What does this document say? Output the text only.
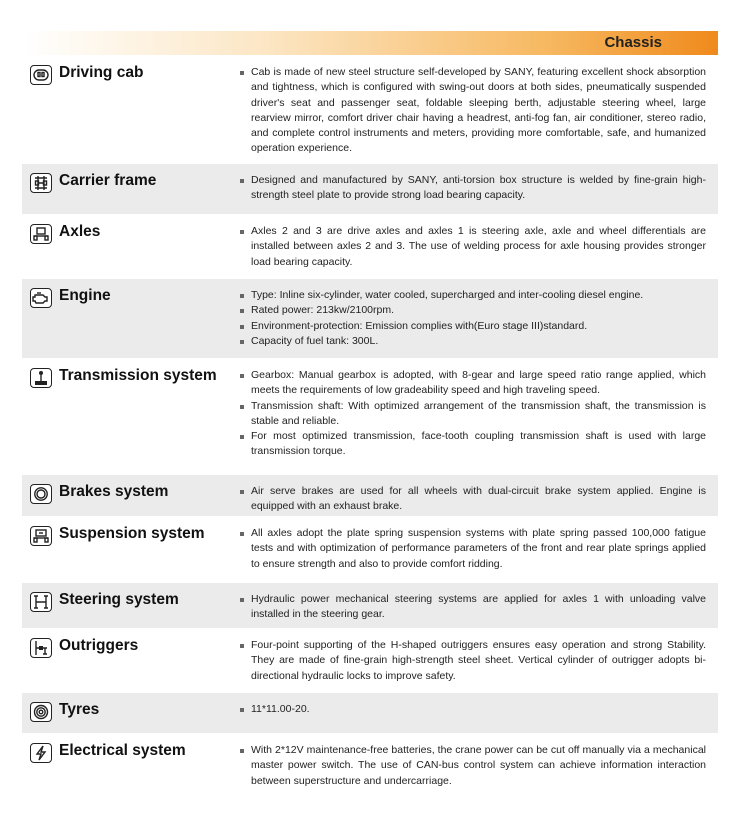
Chassis
Driving cab	Cab is made of new steel structure self-developed by SANY, featuring excellent shock absorption and tightness, which is configured with swing-out doors at both sides, pneumatically suspended driver's seat and passenger seat, foldable sleeping berth, adjustable steering wheel, large rearview mirror, comfort driver chair having a headrest, anti-fog fan, air conditioner, stereo radio, and complete control instruments and meters, providing more comfortable, safe, and humanized operation experience.
Carrier frame	Designed and manufactured by SANY, anti-torsion box structure is welded by fine-grain high-strength steel plate to provide strong load bearing capacity.
Axles	Axles 2 and 3 are drive axles and axles 1 is steering axle, axle and wheel differentials are installed between axles 2 and 3. The use of welding process for axle housing provides stronger load bearing capacity.
Engine	Type: Inline six-cylinder, water cooled, supercharged and inter-cooling diesel engine.
Rated power: 213kw/2100rpm.
Environment-protection: Emission complies with(Euro stage III)standard.
Capacity of fuel tank: 300L.
Transmission system	Gearbox: Manual gearbox is adopted, with 8-gear and large speed ratio range applied, which meets the requirements of low gradeability speed and high traveling speed.
Transmission shaft: With optimized arrangement of the transmission shaft, the transmission is stable and reliable.
For most optimized transmission, face-tooth coupling transmission shaft is used with large transmission torque.
Brakes system	Air serve brakes are used for all wheels with dual-circuit brake system applied. Engine is equipped with an exhaust brake.
Suspension system	All axles adopt the plate spring suspension systems with plate spring passed 100,000 fatigue tests and with optimization of performance parameters of the front and rear plate springs applied to ensure strength and also to provide comfort ridding.
Steering system	Hydraulic power mechanical steering systems are applied for axles 1 with unloading valve installed in the steering gear.
Outriggers	Four-point supporting of the H-shaped outriggers ensures easy operation and strong Stability. They are made of fine-grain high-strength steel sheet. Vertical cylinder of outrigger adopts bi- directional hydraulic locks to improve safety.
Tyres	11*11.00-20.
Electrical system	With 2*12V maintenance-free batteries, the crane power can be cut off manually via a mechanical master power switch. The use of CAN-bus control system can achieve information interaction between superstructure and undercarriage.
